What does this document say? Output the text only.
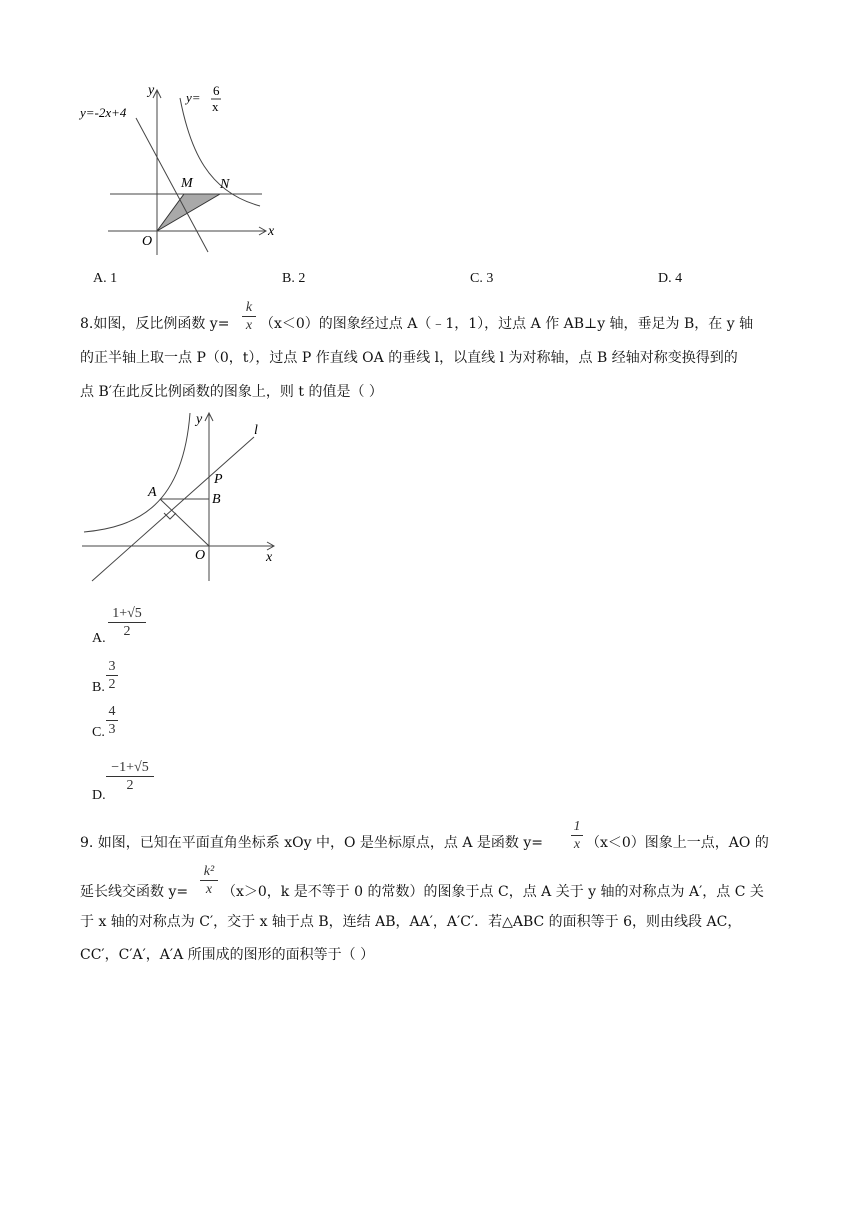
y=-2x+4
y= 6
x
y
x
O
M N
A. 1	B. 2	C. 3	D. 4
8.如图，反比例函数 y=
k
x （x＜0）的图象经过点 A（﹣1，1），过点 A 作 AB⊥y 轴，垂足为 B，在 y 轴
的正半轴上取一点 P（0，t），过点 P 作直线 OA 的垂线 l，以直线 l 为对称轴，点 B 经轴对称变换得到的
点 B′在此反比例函数的图象上，则 t 的值是（ ）
y
x
O
A	B
P
l
A.
1+√5
2
B.
3
2
C.
4
3
D.
−1+√5
2
9. 如图，已知在平面直角坐标系 xOy 中，O 是坐标原点，点 A 是函数 y=
1
x （x＜0）图象上一点，AO 的
延长线交函数 y=
k²
x （x＞0，k 是不等于 0 的常数）的图象于点 C，点 A 关于 y 轴的对称点为 A′，点 C 关
于 x 轴的对称点为 C′，交于 x 轴于点 B，连结 AB，AA′，A′C′．若△ABC 的面积等于 6，则由线段 AC，
CC′，C′A′，A′A 所围成的图形的面积等于（ ）
